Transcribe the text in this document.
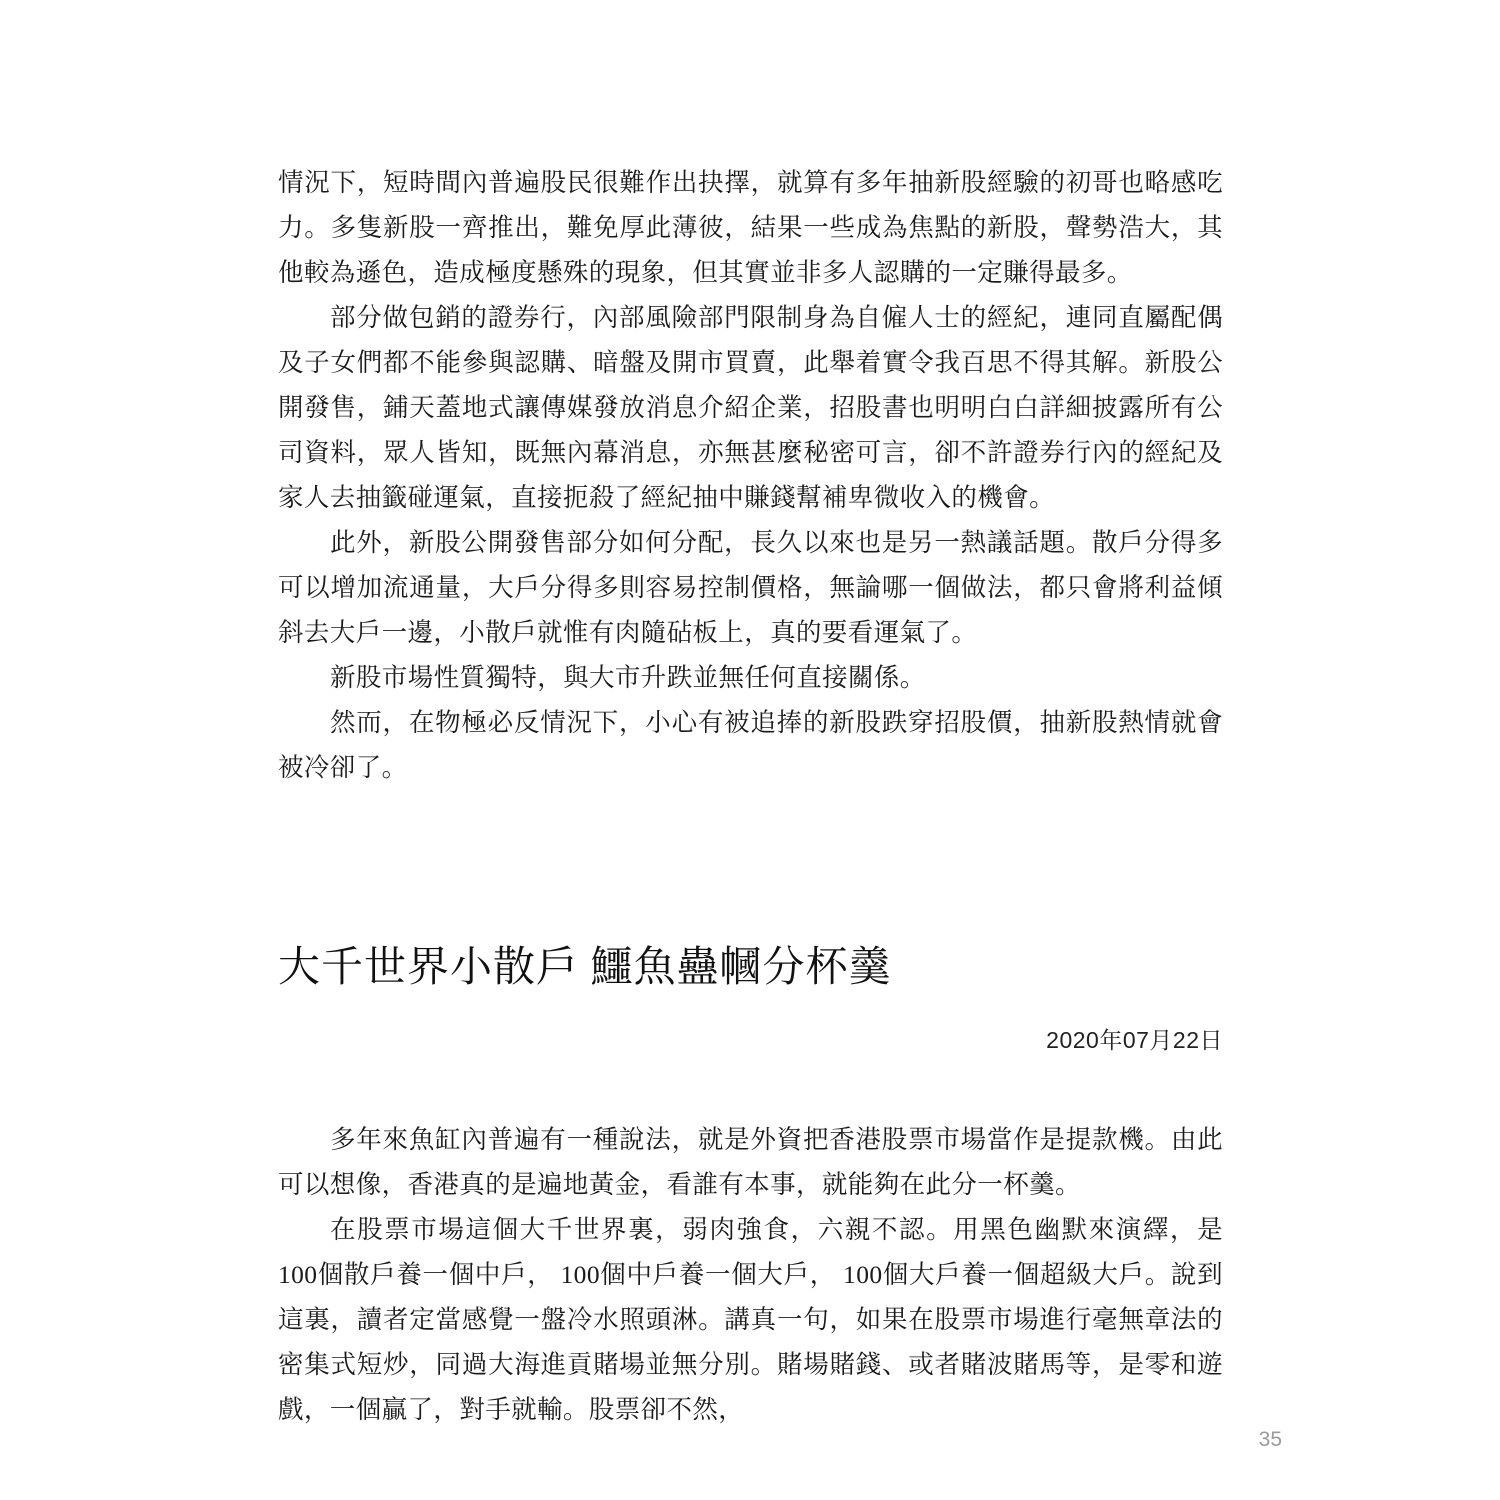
情況下，短時間內普遍股民很難作出抉擇，就算有多年抽新股經驗的初哥也略感吃力。多隻新股一齊推出，難免厚此薄彼，結果一些成為焦點的新股，聲勢浩大，其他較為遜色，造成極度懸殊的現象，但其實並非多人認購的一定賺得最多。

部分做包銷的證券行，內部風險部門限制身為自僱人士的經紀，連同直屬配偶及子女們都不能參與認購、暗盤及開市買賣，此舉着實令我百思不得其解。新股公開發售，鋪天蓋地式讓傳媒發放消息介紹企業，招股書也明明白白詳細披露所有公司資料，眾人皆知，既無內幕消息，亦無甚麼秘密可言，卻不許證券行內的經紀及家人去抽籤碰運氣，直接扼殺了經紀抽中賺錢幫補卑微收入的機會。

此外，新股公開發售部分如何分配，長久以來也是另一熱議話題。散戶分得多可以增加流通量，大戶分得多則容易控制價格，無論哪一個做法，都只會將利益傾斜去大戶一邊，小散戶就惟有肉隨砧板上，真的要看運氣了。

新股市場性質獨特，與大市升跌並無任何直接關係。

然而，在物極必反情況下，小心有被追捧的新股跌穿招股價，抽新股熱情就會被冷卻了。

大千世界小散戶 鱷魚蠱幗分杯羹
2020年07月22日

多年來魚缸內普遍有一種說法，就是外資把香港股票市場當作是提款機。由此可以想像，香港真的是遍地黃金，看誰有本事，就能夠在此分一杯羹。

在股票市場這個大千世界裏，弱肉強食，六親不認。用黑色幽默來演繹，是100個散戶養一個中戶， 100個中戶養一個大戶， 100個大戶養一個超級大戶。說到這裏，讀者定當感覺一盤冷水照頭淋。講真一句，如果在股票市場進行毫無章法的密集式短炒，同過大海進貢賭場並無分別。賭場賭錢、或者賭波賭馬等，是零和遊戲，一個贏了，對手就輸。股票卻不然，

35
